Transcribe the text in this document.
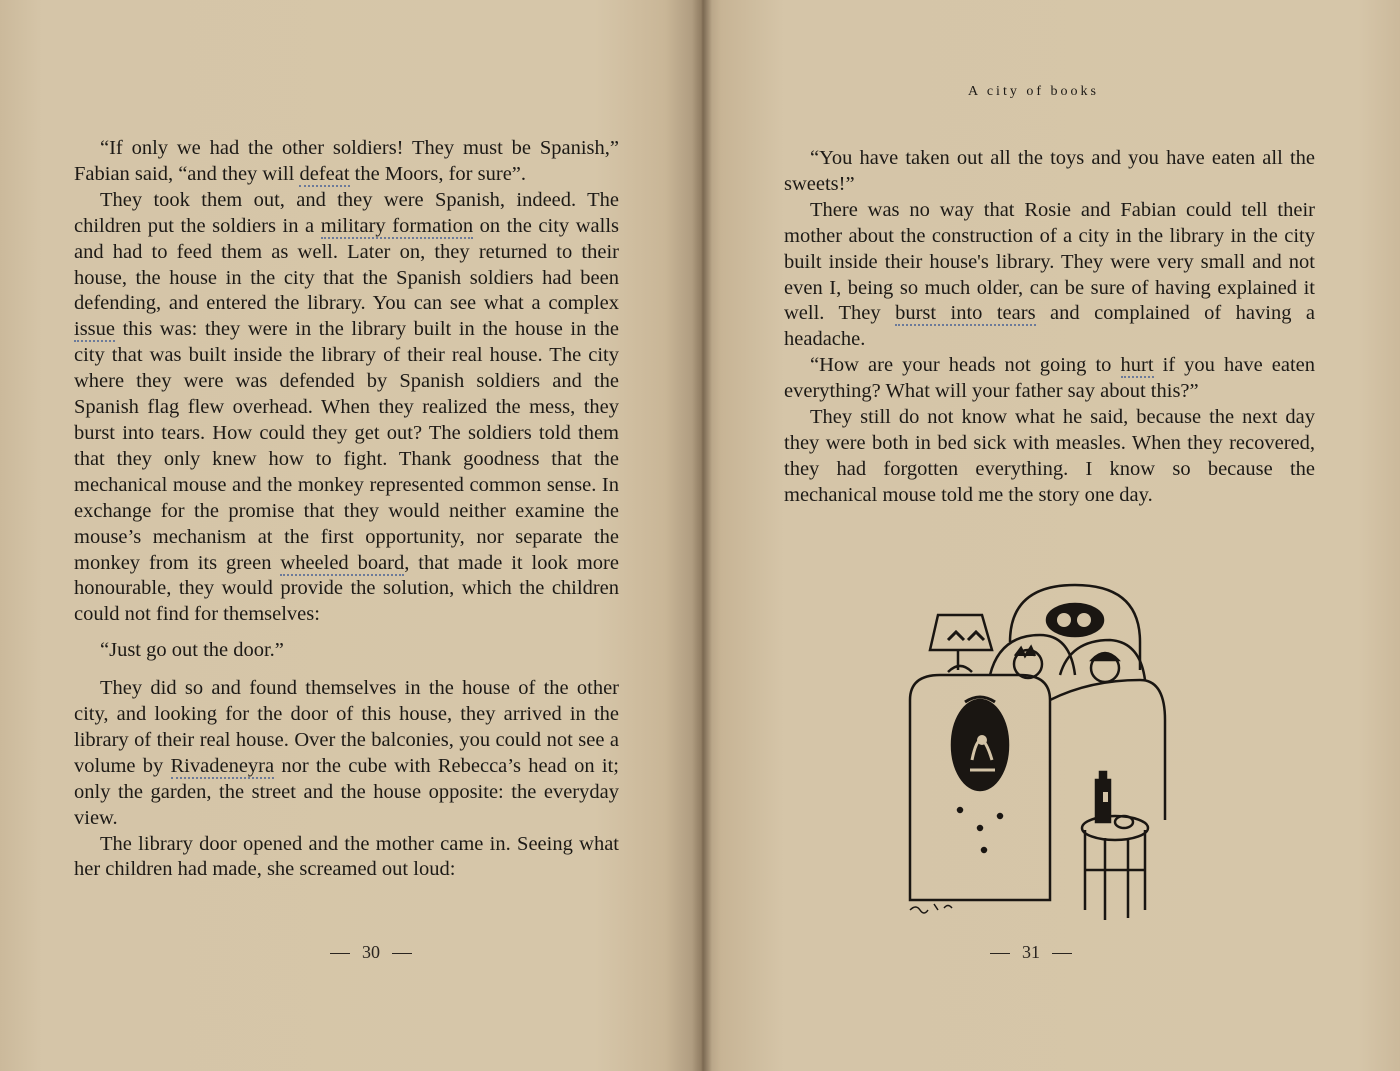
“If only we had the other soldiers! They must be Spanish,” Fabian said, “and they will defeat the Moors, for sure”.

They took them out, and they were Spanish, indeed. The children put the soldiers in a military formation on the city walls and had to feed them as well. Later on, they returned to their house, the house in the city that the Spanish soldiers had been defending, and entered the library. You can see what a complex issue this was: they were in the library built in the house in the city that was built inside the library of their real house. The city where they were was defended by Spanish soldiers and the Spanish flag flew overhead. When they realized the mess, they burst into tears. How could they get out? The soldiers told them that they only knew how to fight. Thank goodness that the mechanical mouse and the monkey represented common sense. In exchange for the promise that they would neither examine the mouse’s mechanism at the first opportunity, nor separate the monkey from its green wheeled board, that made it look more honourable, they would provide the solution, which the children could not find for themselves:

“Just go out the door.”

They did so and found themselves in the house of the other city, and looking for the door of this house, they arrived in the library of their real house. Over the balconies, you could not see a volume by Rivadeneyra nor the cube with Rebecca’s head on it; only the garden, the street and the house opposite: the everyday view.

The library door opened and the mother came in. Seeing what her children had made, she screamed out loud:

30
A city of books

“You have taken out all the toys and you have eaten all the sweets!”

There was no way that Rosie and Fabian could tell their mother about the construction of a city in the library in the city built inside their house's library. They were very small and not even I, being so much older, can be sure of having explained it well. They burst into tears and complained of having a headache.

“How are your heads not going to hurt if you have eaten everything? What will your father say about this?”

They still do not know what he said, because the next day they were both in bed sick with measles. When they recovered, they had forgotten everything. I know so because the mechanical mouse told me the story one day.

31
